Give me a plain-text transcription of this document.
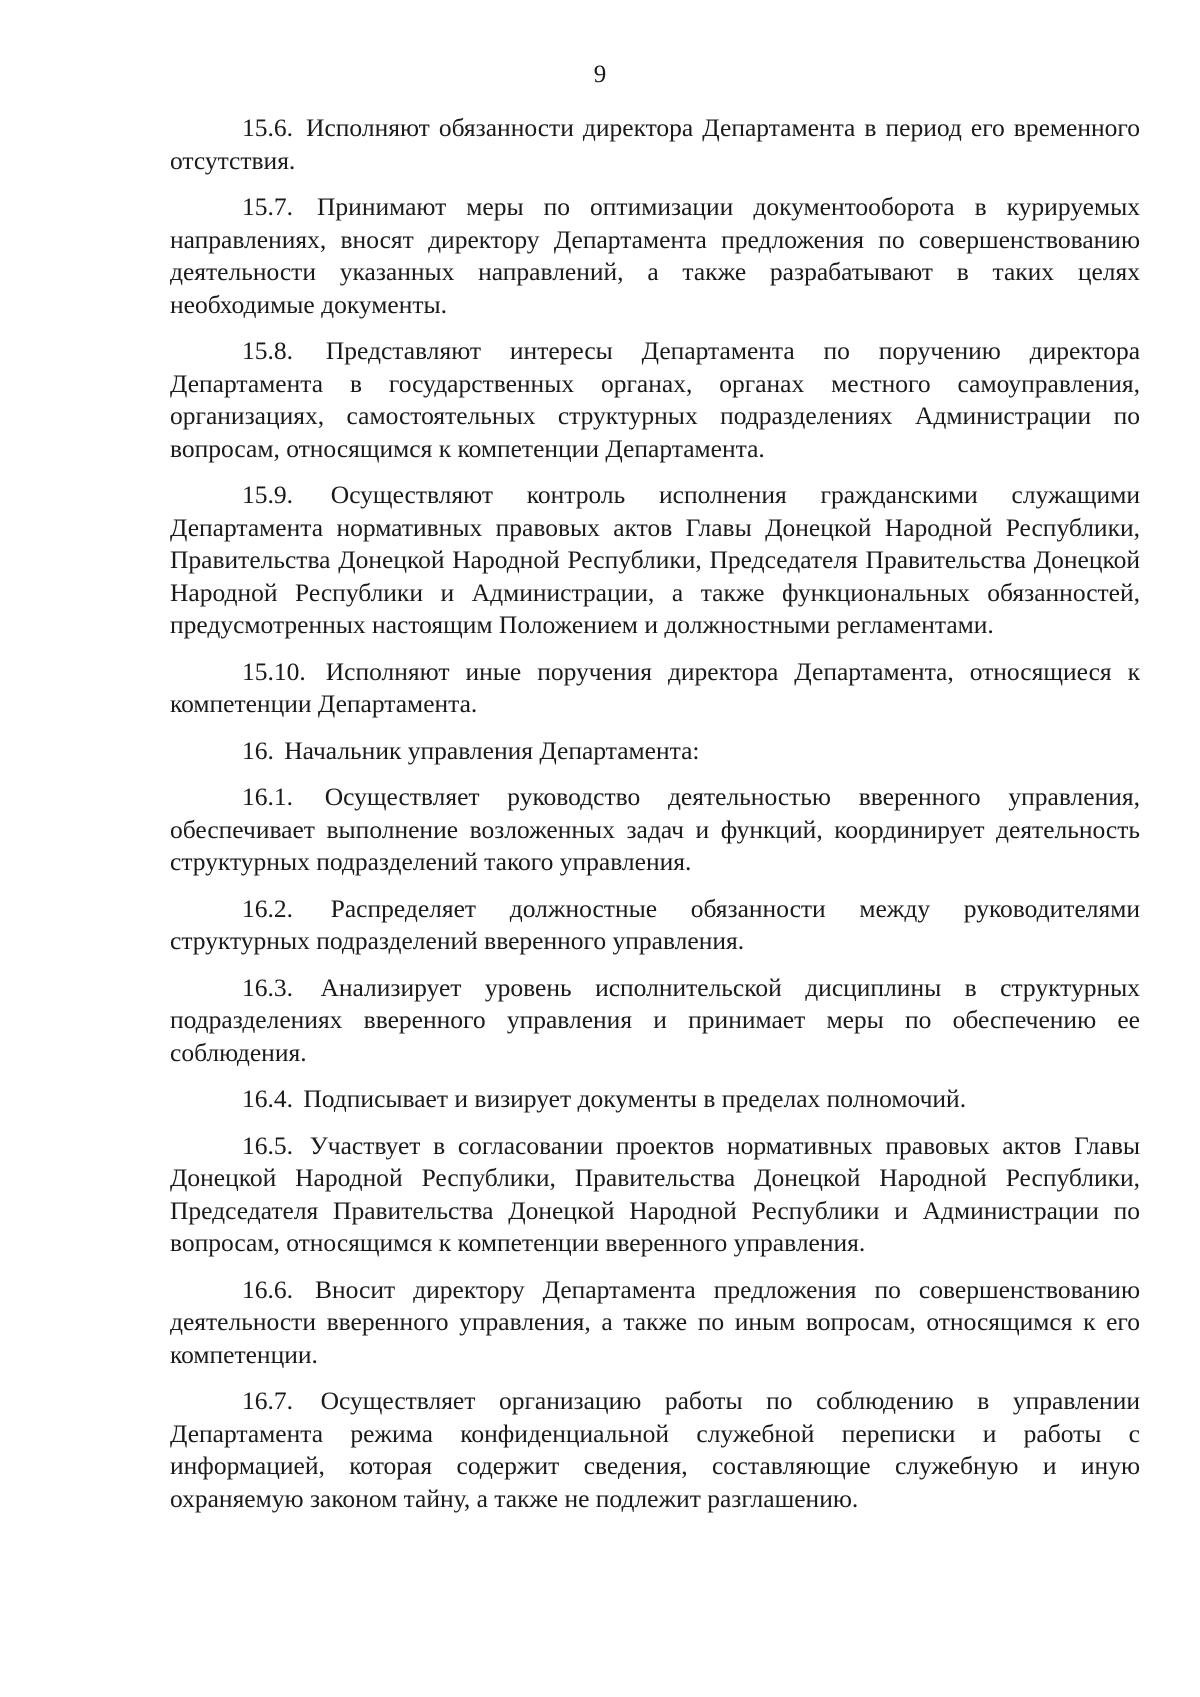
9

15.6. Исполняют обязанности директора Департамента в период его временного отсутствия.

15.7. Принимают меры по оптимизации документооборота в курируемых направлениях, вносят директору Департамента предложения по совершенствованию деятельности указанных направлений, а также разрабатывают в таких целях необходимые документы.

15.8. Представляют интересы Департамента по поручению директора Департамента в государственных органах, органах местного самоуправления, организациях, самостоятельных структурных подразделениях Администрации по вопросам, относящимся к компетенции Департамента.

15.9. Осуществляют контроль исполнения гражданскими служащими Департамента нормативных правовых актов Главы Донецкой Народной Республики, Правительства Донецкой Народной Республики, Председателя Правительства Донецкой Народной Республики и Администрации, а также функциональных обязанностей, предусмотренных настоящим Положением и должностными регламентами.

15.10. Исполняют иные поручения директора Департамента, относящиеся к компетенции Департамента.

16. Начальник управления Департамента:

16.1. Осуществляет руководство деятельностью вверенного управления, обеспечивает выполнение возложенных задач и функций, координирует деятельность структурных подразделений такого управления.

16.2. Распределяет должностные обязанности между руководителями структурных подразделений вверенного управления.

16.3. Анализирует уровень исполнительской дисциплины в структурных подразделениях вверенного управления и принимает меры по обеспечению ее соблюдения.

16.4. Подписывает и визирует документы в пределах полномочий.

16.5. Участвует в согласовании проектов нормативных правовых актов Главы Донецкой Народной Республики, Правительства Донецкой Народной Республики, Председателя Правительства Донецкой Народной Республики и Администрации по вопросам, относящимся к компетенции вверенного управления.

16.6. Вносит директору Департамента предложения по совершенствованию деятельности вверенного управления, а также по иным вопросам, относящимся к его компетенции.

16.7. Осуществляет организацию работы по соблюдению в управлении Департамента режима конфиденциальной служебной переписки и работы с информацией, которая содержит сведения, составляющие служебную и иную охраняемую законом тайну, а также не подлежит разглашению.
